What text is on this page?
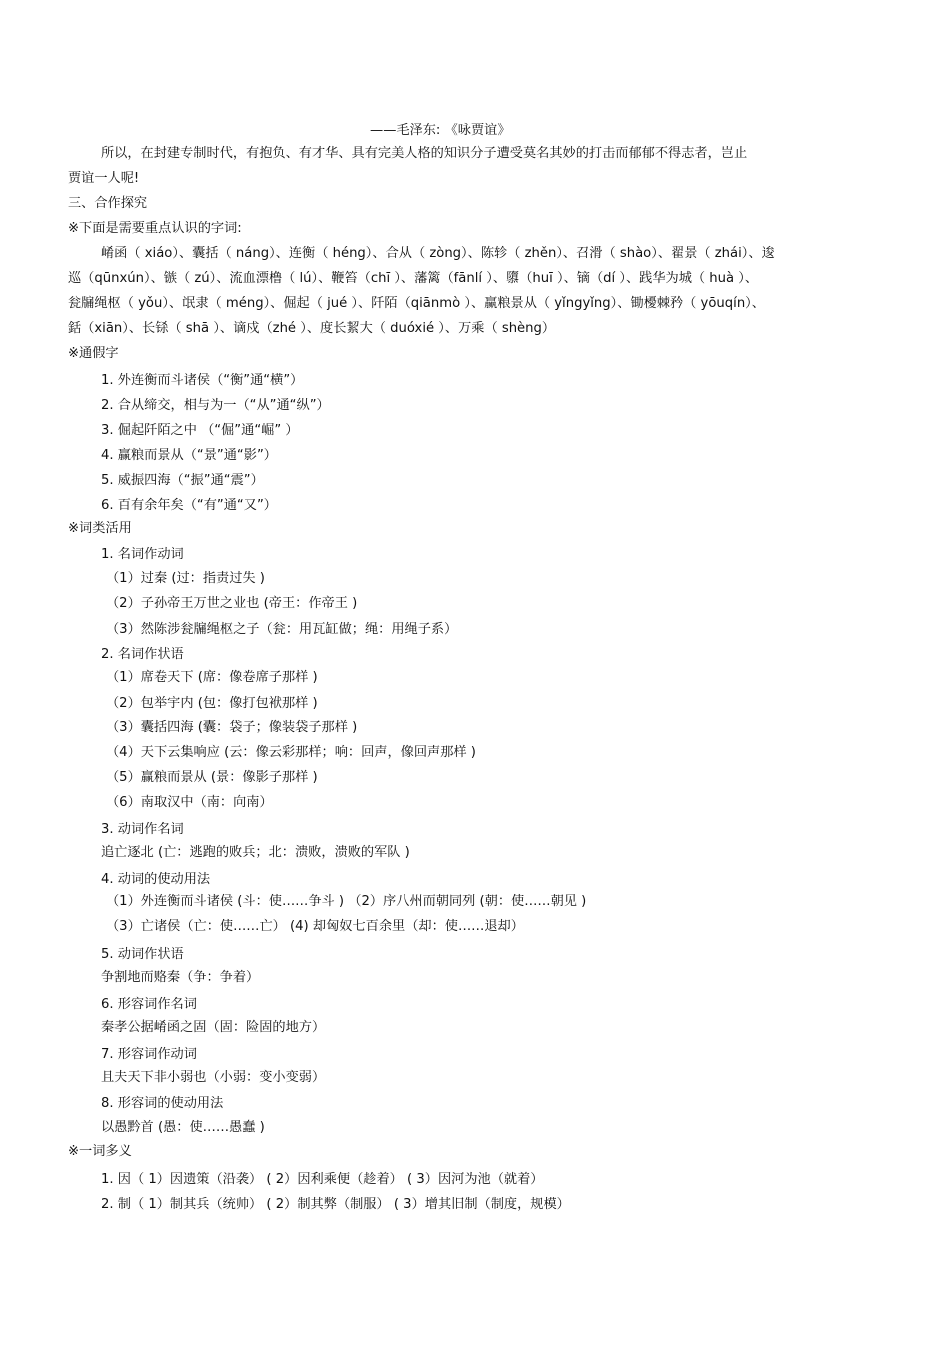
——毛泽东: 《咏贾谊》
所以，在封建专制时代，有抱负、有才华、具有完美人格的知识分子遭受莫名其妙的打击而郁郁不得志者，岂止
贾谊一人呢!
三、合作探究
※下面是需要重点认识的字词:
崤函（ xiáo）、囊括（ náng）、连衡（ héng）、合从（ zòng）、陈轸（ zhěn）、召滑（ shào）、翟景（ zhái）、逡
巡（qūnxún）、镞（ zú）、流血漂橹（ lú）、鞭笞（chī ）、藩篱（fānlí ）、隳（huī ）、镝（dí ）、践华为城（ huà ）、
瓮牖绳枢（ yǒu）、氓隶（ méng）、倔起（ jué ）、阡陌（qiānmò ）、赢粮景从（ yǐngyǐng）、锄櫌棘矜（ yōuqín）、
銛（xiān）、长铩（ shā ）、谪戍（zhé ）、度长絜大（ duóxié ）、万乘（ shèng）
※通假字
1. 外连衡而斗诸侯（“衡”通“横”）
2. 合从缔交，相与为一（“从”通“纵”）
3. 倔起阡陌之中 （“倔”通“崛” ）
4. 赢粮而景从（“景”通“影”）
5. 威振四海（“振”通“震”）
6. 百有余年矣（“有”通“又”）
※词类活用
1. 名词作动词
（1）过秦 (过：指责过失 )
（2）子孙帝王万世之业也 (帝王：作帝王 )
（3）然陈涉瓮牖绳枢之子（瓮：用瓦缸做；绳：用绳子系）
2. 名词作状语
（1）席卷天下 (席：像卷席子那样 )
（2）包举宇内 (包：像打包袱那样 )
（3）囊括四海 (囊：袋子；像装袋子那样 )
（4）天下云集响应 (云：像云彩那样；响：回声，像回声那样 )
（5）赢粮而景从 (景：像影子那样 )
（6）南取汉中（南：向南）
3. 动词作名词
追亡逐北 (亡：逃跑的败兵；北：溃败，溃败的军队 )
4. 动词的使动用法
（1）外连衡而斗诸侯 (斗：使……争斗 ) （2）序八州而朝同列 (朝：使……朝见 )
（3）亡诸侯（亡：使……亡） (4) 却匈奴七百余里（却：使……退却）
5. 动词作状语
争割地而赂秦（争：争着）
6. 形容词作名词
秦孝公据崤函之固（固：险固的地方）
7. 形容词作动词
且夫天下非小弱也（小弱：变小变弱）
8. 形容词的使动用法
以愚黔首 (愚：使……愚蠢 )
※一词多义
1. 因（ 1）因遗策（沿袭） ( 2）因利乘便（趁着） ( 3）因河为池（就着）
2. 制（ 1）制其兵（统帅） ( 2）制其弊（制服） ( 3）增其旧制（制度，规模）
